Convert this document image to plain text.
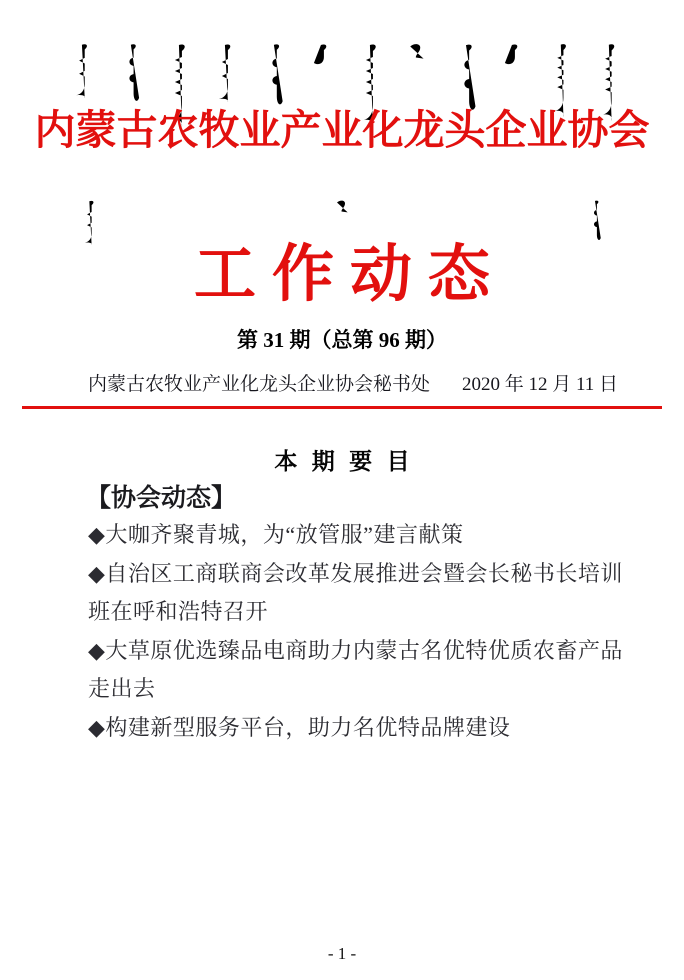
内蒙古农牧业产业化龙头企业协会
工作动态
第 31 期（总第 96 期）
内蒙古农牧业产业化龙头企业协会秘书处 2020 年 12 月 11 日
本 期 要 目
【协会动态】
◆大咖齐聚青城，为“放管服”建言献策
◆自治区工商联商会改革发展推进会暨会长秘书长培训
班在呼和浩特召开
◆大草原优选臻品电商助力内蒙古名优特优质农畜产品
走出去
◆构建新型服务平台，助力名优特品牌建设
- 1 -
